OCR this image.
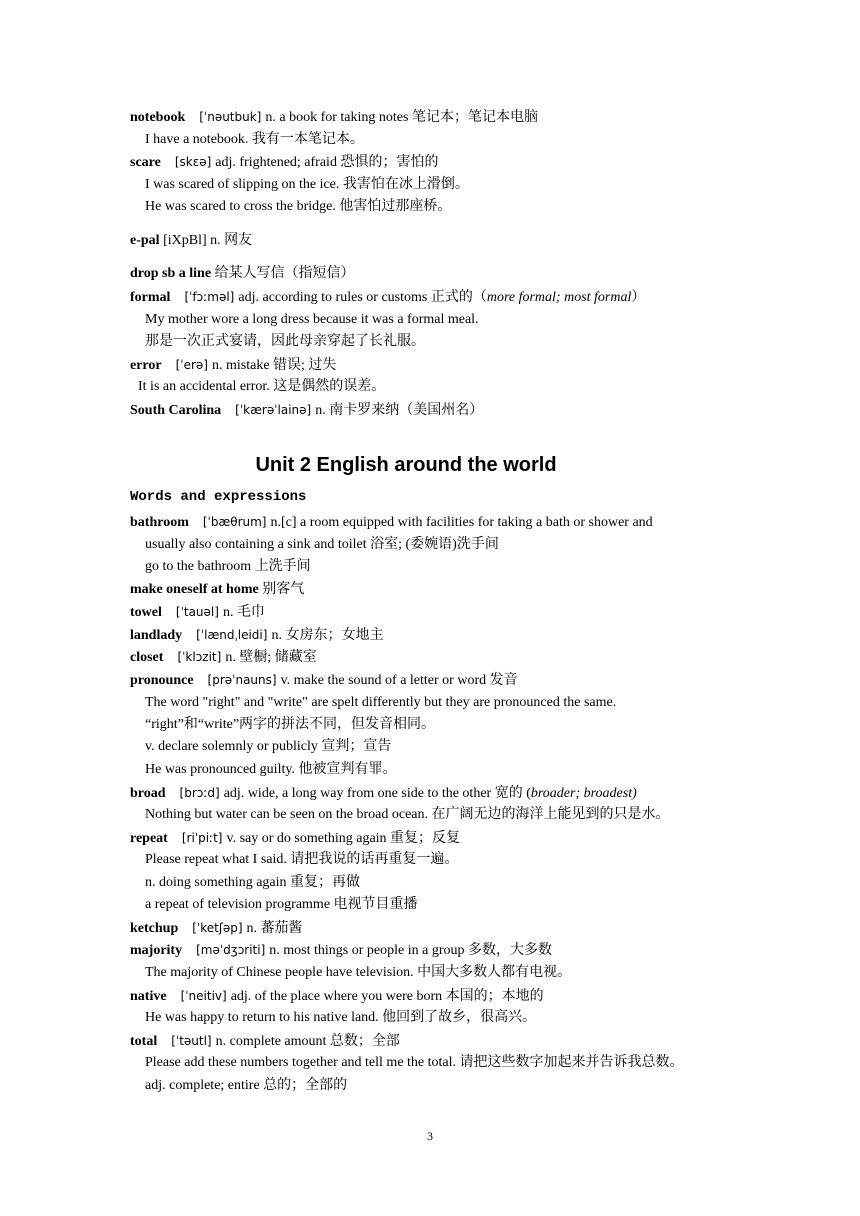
Unit 2 English around the world
Words and expressions
3
notebook [ˈnəutbuk] n. a book for taking notes 笔记本；笔记本电脑
I have a notebook. 我有一本笔记本。
scare [skɛə] adj. frightened; afraid 恐惧的；害怕的
I was scared of slipping on the ice. 我害怕在冰上滑倒。
He was scared to cross the bridge. 他害怕过那座桥。
e-pal [iXpBl] n. 网友
drop sb a line 给某人写信（指短信）
formal [ˈfɔːməl] adj. according to rules or customs 正式的（more formal; most formal）
My mother wore a long dress because it was a formal meal.
那是一次正式宴请，因此母亲穿起了长礼服。
error [ˈerə] n. mistake 错误; 过失
It is an accidental error. 这是偶然的误差。
South Carolina [ˈkærəˈlainə] n. 南卡罗来纳（美国州名）
bathroom [ˈbæθrum] n.[c] a room equipped with facilities for taking a bath or shower and
usually also containing a sink and toilet 浴室; (委婉语)洗手间
go to the bathroom 上洗手间
make oneself at home 别客气
towel [ˈtauəl] n. 毛巾
landlady [ˈlændˌleidi] n. 女房东；女地主
closet [ˈklɔzit] n. 壁橱; 储藏室
pronounce [prəˈnauns] v. make the sound of a letter or word 发音
The word "right" and "write" are spelt differently but they are pronounced the same.
“right”和“write”两字的拼法不同，但发音相同。
v. declare solemnly or publicly 宣判；宣告
He was pronounced guilty. 他被宣判有罪。
broad [brɔːd] adj. wide, a long way from one side to the other 宽的 (broader; broadest)
Nothing but water can be seen on the broad ocean. 在广阔无边的海洋上能见到的只是水。
repeat [riˈpiːt] v. say or do something again 重复；反复
Please repeat what I said. 请把我说的话再重复一遍。
n. doing something again 重复；再做
a repeat of television programme 电视节目重播
ketchup [ˈketʃəp] n. 蕃茄酱
majority [məˈdʒɔriti] n. most things or people in a group 多数，大多数
The majority of Chinese people have television. 中国大多数人都有电视。
native [ˈneitiv] adj. of the place where you were born 本国的；本地的
He was happy to return to his native land. 他回到了故乡，很高兴。
total [ˈtəutl] n. complete amount 总数；全部
Please add these numbers together and tell me the total. 请把这些数字加起来并告诉我总数。
adj. complete; entire 总的；全部的
